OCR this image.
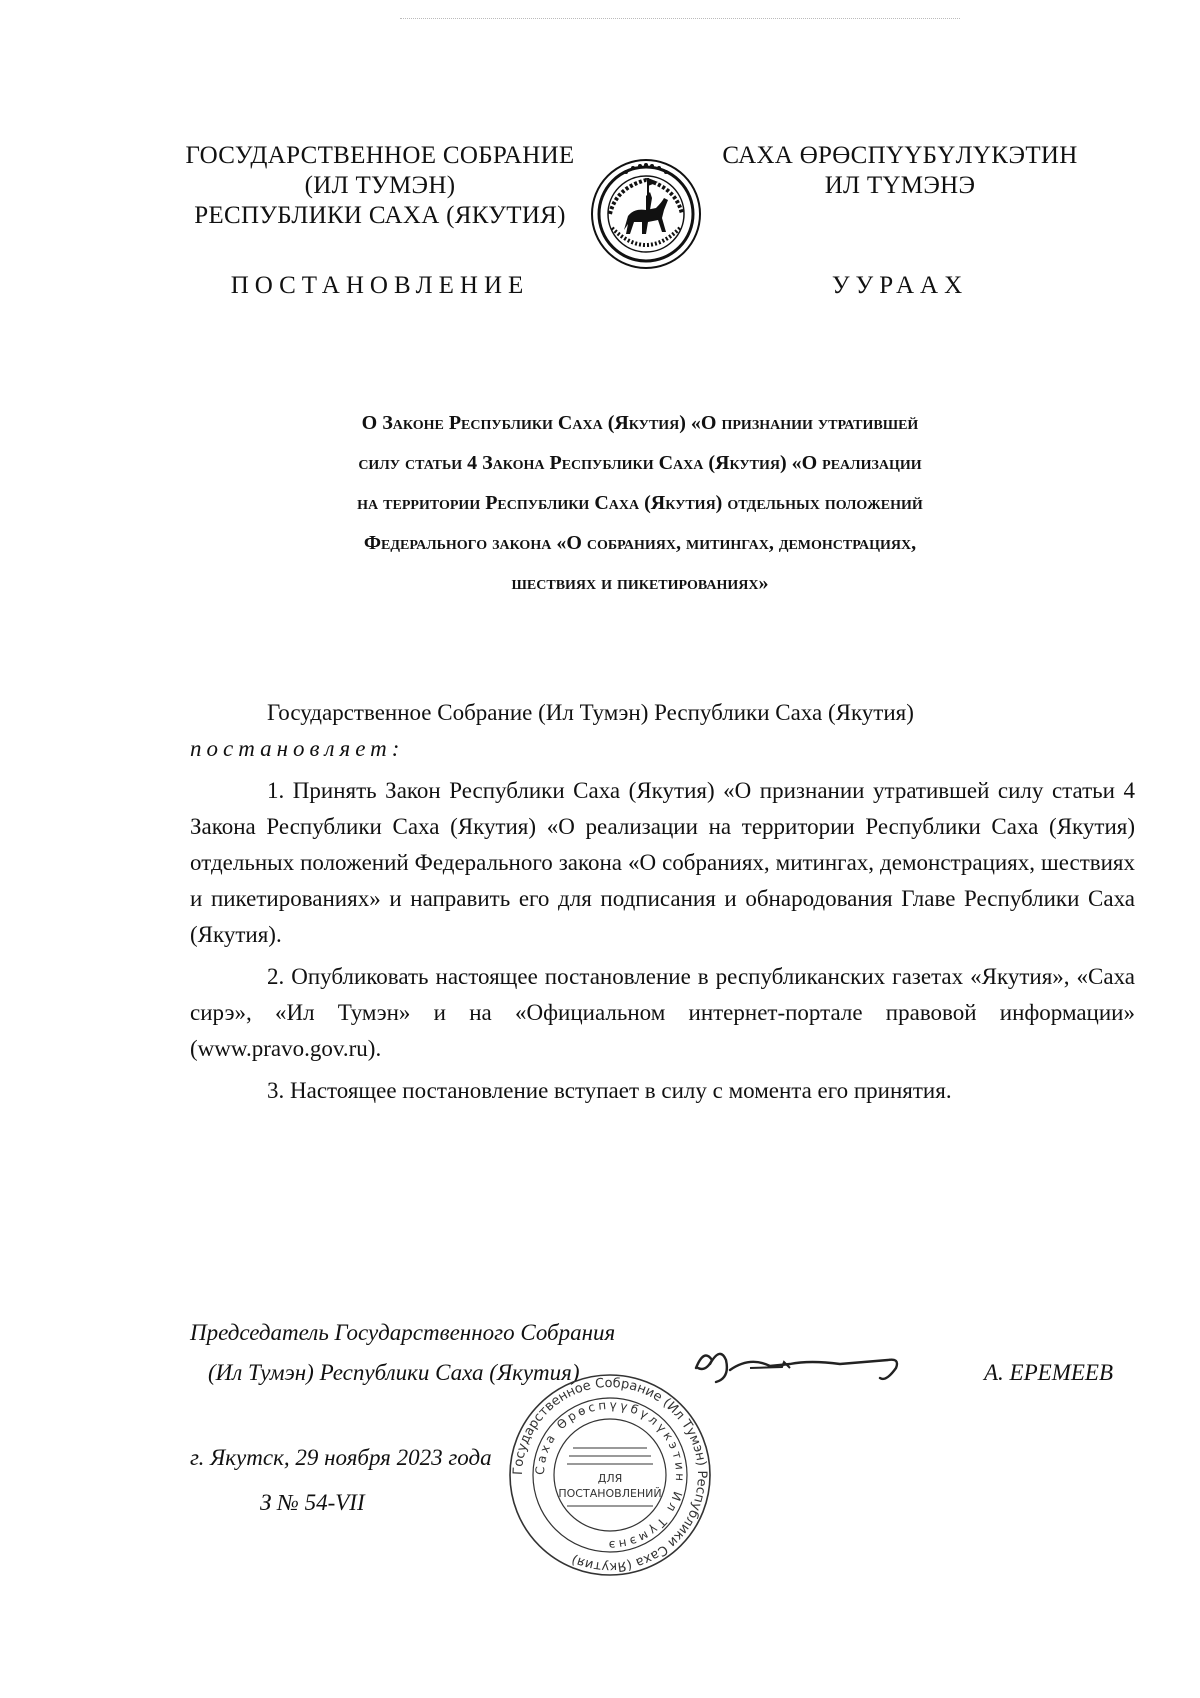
ГОСУДАРСТВЕННОЕ СОБРАНИЕ
(ИЛ ТУМЭН)
РЕСПУБЛИКИ САХА (ЯКУТИЯ)
САХА ӨРӨСПҮҮБҮЛҮКЭТИН
ИЛ ТҮМЭНЭ
ПОСТАНОВЛЕНИЕ	УУРААХ
О Законе Республики Саха (Якутия) «О признании утратившей
силу статьи 4 Закона Республики Саха (Якутия) «О реализации
на территории Республики Саха (Якутия) отдельных положений
Федерального закона «О собраниях, митингах, демонстрациях,
шествиях и пикетированиях»

Государственное Собрание (Ил Тумэн) Республики Саха (Якутия)

постановляет:

1. Принять Закон Республики Саха (Якутия) «О признании утратившей силу статьи 4 Закона Республики Саха (Якутия) «О реализации на территории Республики Саха (Якутия) отдельных положений Федерального закона «О собраниях, митингах, демонстрациях, шествиях и пикетированиях» и направить его для подписания и обнародования Главе Республики Саха (Якутия).

2. Опубликовать настоящее постановление в республиканских газетах «Якутия», «Саха сирэ», «Ил Тумэн» и на «Официальном интернет-портале правовой информации» (www.pravo.gov.ru).

3. Настоящее постановление вступает в силу с момента его принятия.

Председатель Государственного Собрания
(Ил Тумэн) Республики Саха (Якутия)	А. ЕРЕМЕЕВ
Государственное Собрание (Ил Тумэн) Республики Саха (Якутия)
Саха Өрөспүүбүлүкэтин Ил Түмэнэ
ДЛЯ
ПОСТАНОВЛЕНИЙ
г. Якутск, 29 ноября 2023 года
З № 54-VII
